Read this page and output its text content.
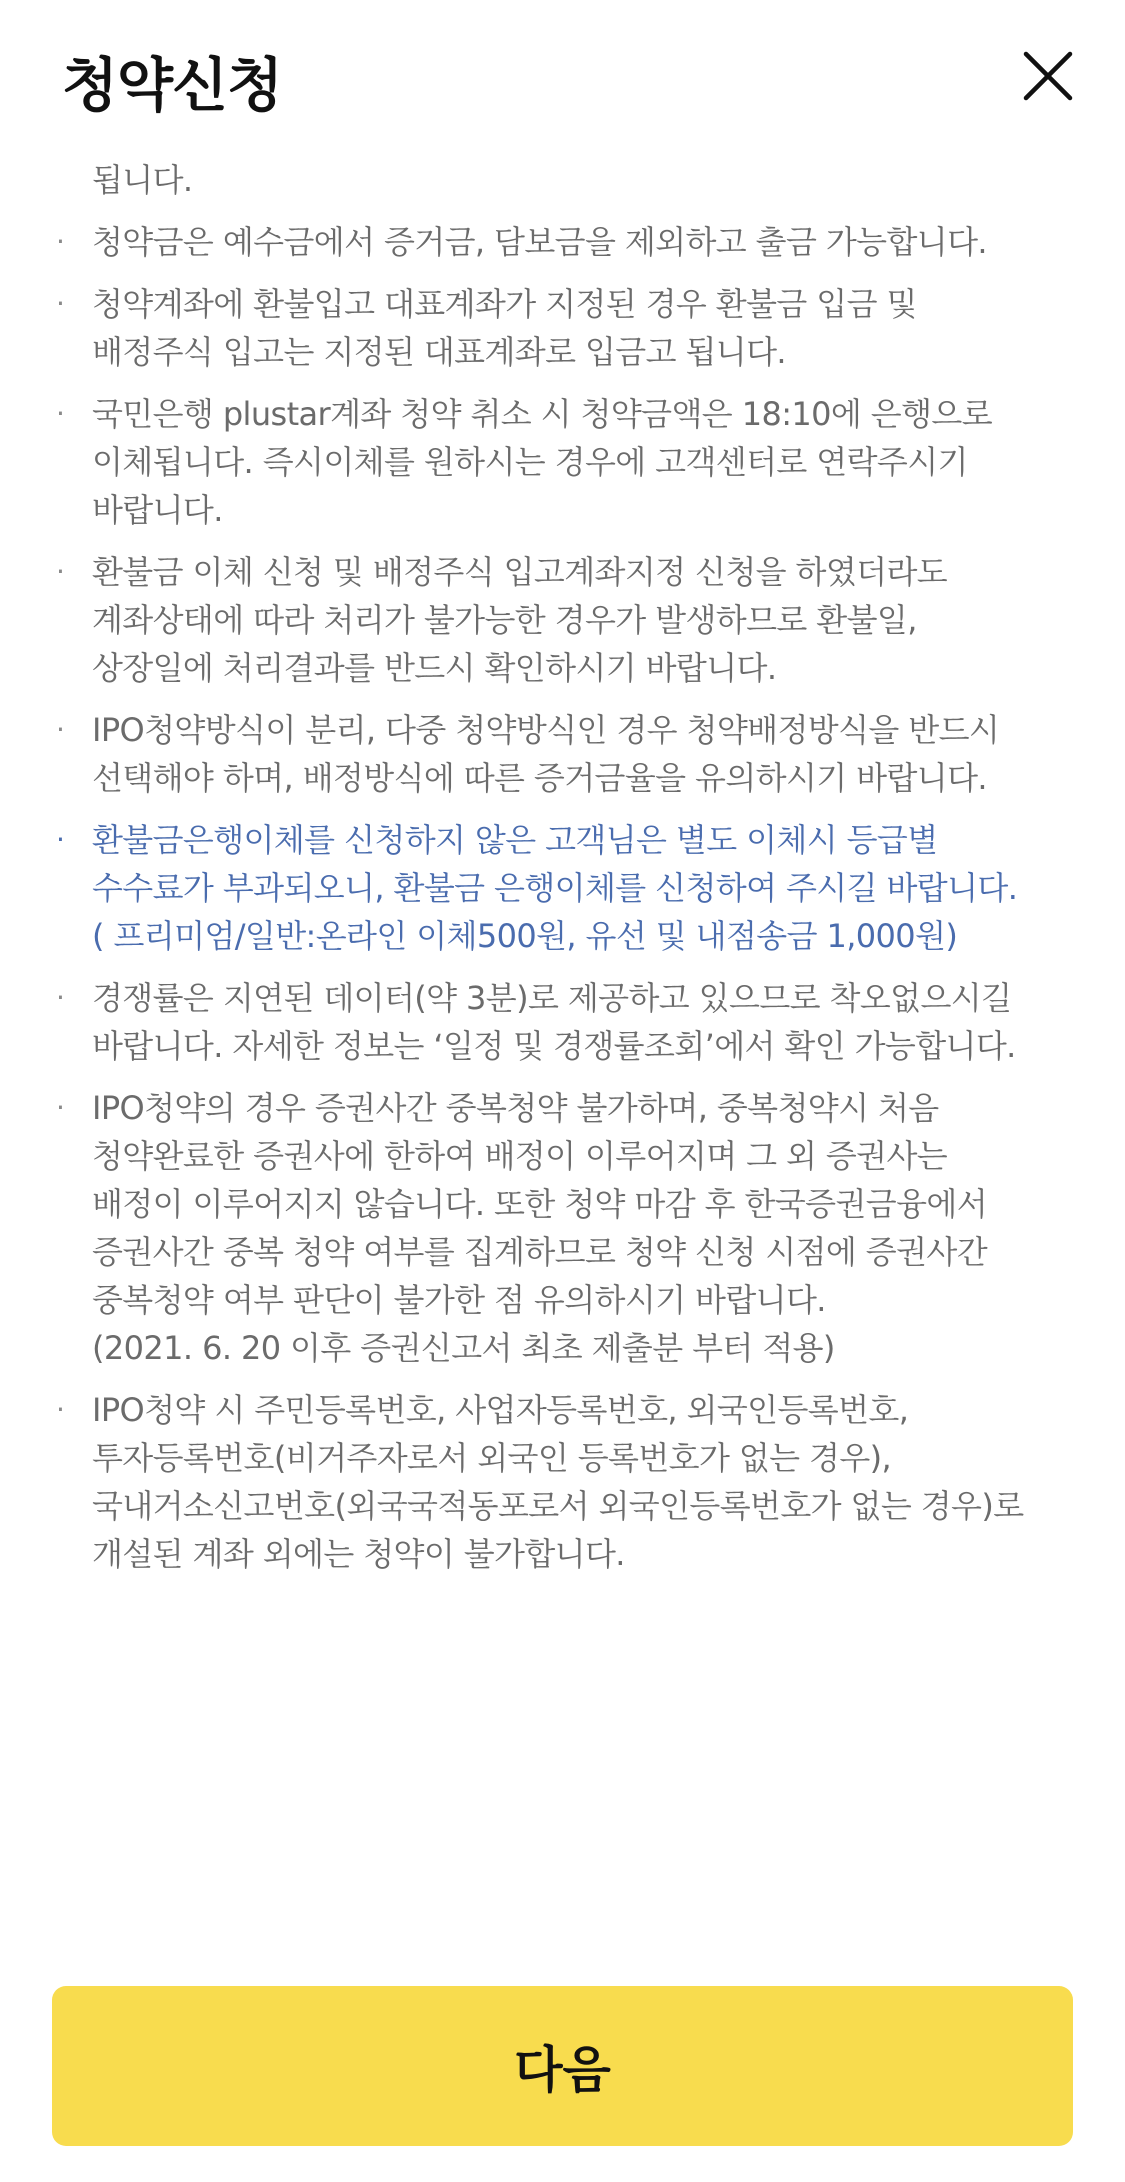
청약신청
됩니다.
· 청약금은 예수금에서 증거금, 담보금을 제외하고 출금 가능합니다.
· 청약계좌에 환불입고 대표계좌가 지정된 경우 환불금 입금 및 배정주식 입고는 지정된 대표계좌로 입금고 됩니다.
· 국민은행 plustar계좌 청약 취소 시 청약금액은 18:10에 은행으로 이체됩니다. 즉시이체를 원하시는 경우에 고객센터로 연락주시기 바랍니다.
· 환불금 이체 신청 및 배정주식 입고계좌지정 신청을 하였더라도 계좌상태에 따라 처리가 불가능한 경우가 발생하므로 환불일, 상장일에 처리결과를 반드시 확인하시기 바랍니다.
· IPO청약방식이 분리, 다중 청약방식인 경우 청약배정방식을 반드시 선택해야 하며, 배정방식에 따른 증거금율을 유의하시기 바랍니다.
· 환불금은행이체를 신청하지 않은 고객님은 별도 이체시 등급별 수수료가 부과되오니, 환불금 은행이체를 신청하여 주시길 바랍니다. ( 프리미엄/일반:온라인 이체500원, 유선 및 내점송금 1,000원)
· 경쟁률은 지연된 데이터(약 3분)로 제공하고 있으므로 착오없으시길 바랍니다. 자세한 정보는 ‘일정 및 경쟁률조회’에서 확인 가능합니다.
· IPO청약의 경우 증권사간 중복청약 불가하며, 중복청약시 처음 청약완료한 증권사에 한하여 배정이 이루어지며 그 외 증권사는 배정이 이루어지지 않습니다. 또한 청약 마감 후 한국증권금융에서 증권사간 중복 청약 여부를 집계하므로 청약 신청 시점에 증권사간 중복청약 여부 판단이 불가한 점 유의하시기 바랍니다.
(2021. 6. 20 이후 증권신고서 최초 제출분 부터 적용)
· IPO청약 시 주민등록번호, 사업자등록번호, 외국인등록번호, 투자등록번호(비거주자로서 외국인 등록번호가 없는 경우), 국내거소신고번호(외국국적동포로서 외국인등록번호가 없는 경우)로 개설된 계좌 외에는 청약이 불가합니다.
다음
